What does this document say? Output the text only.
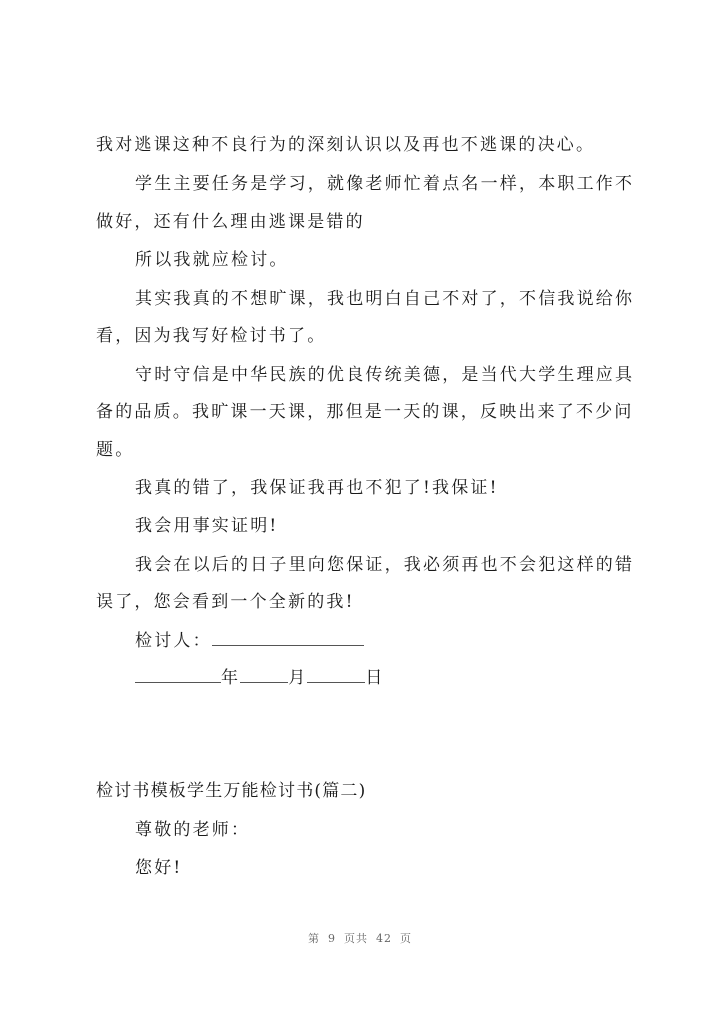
我对逃课这种不良行为的深刻认识以及再也不逃课的决心。
学生主要任务是学习，就像老师忙着点名一样，本职工作不
做好，还有什么理由逃课是错的
所以我就应检讨。
其实我真的不想旷课，我也明白自己不对了，不信我说给你
看，因为我写好检讨书了。
守时守信是中华民族的优良传统美德，是当代大学生理应具
备的品质。我旷课一天课，那但是一天的课，反映出来了不少问
题。
我真的错了，我保证我再也不犯了!我保证!
我会用事实证明!
我会在以后的日子里向您保证，我必须再也不会犯这样的错
误了，您会看到一个全新的我!
检讨人：
年	月	日
检讨书模板学生万能检讨书(篇二)
尊敬的老师：
您好!
第 9 页共 42 页
